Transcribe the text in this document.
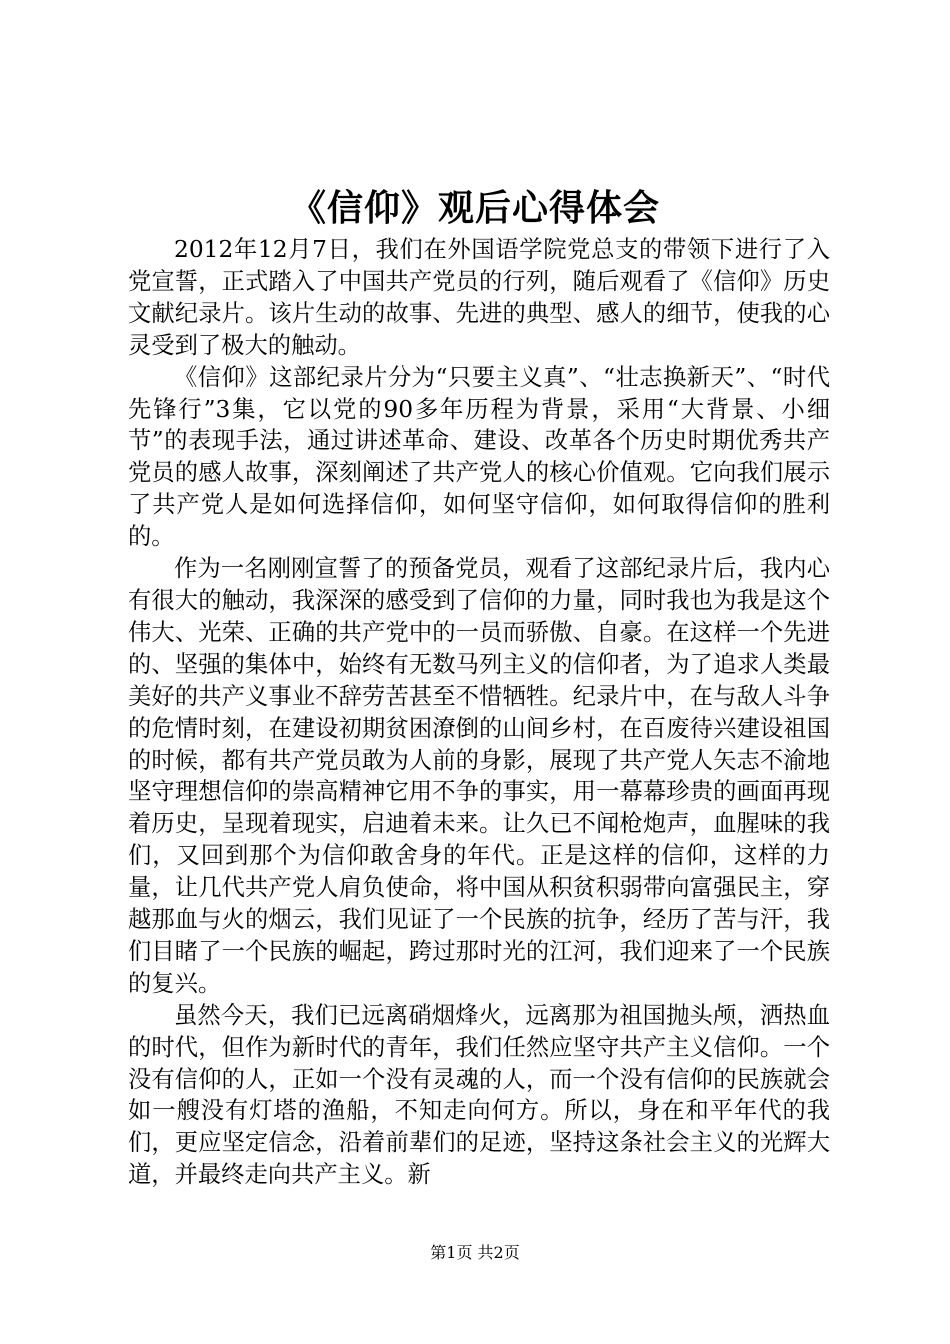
《信仰》观后心得体会

2012年12月7日，我们在外国语学院党总支的带领下进行了入党宣誓，正式踏入了中国共产党员的行列，随后观看了《信仰》历史文献纪录片。该片生动的故事、先进的典型、感人的细节，使我的心灵受到了极大的触动。

《信仰》这部纪录片分为“只要主义真”、“壮志换新天”、“时代先锋行”3集，它以党的90多年历程为背景，采用“大背景、小细节”的表现手法，通过讲述革命、建设、改革各个历史时期优秀共产党员的感人故事，深刻阐述了共产党人的核心价值观。它向我们展示了共产党人是如何选择信仰，如何坚守信仰，如何取得信仰的胜利的。

作为一名刚刚宣誓了的预备党员，观看了这部纪录片后，我内心有很大的触动，我深深的感受到了信仰的力量，同时我也为我是这个伟大、光荣、正确的共产党中的一员而骄傲、自豪。在这样一个先进的、坚强的集体中，始终有无数马列主义的信仰者，为了追求人类最美好的共产义事业不辞劳苦甚至不惜牺牲。纪录片中，在与敌人斗争的危情时刻，在建设初期贫困潦倒的山间乡村，在百废待兴建设祖国的时候，都有共产党员敢为人前的身影，展现了共产党人矢志不渝地坚守理想信仰的崇高精神它用不争的事实，用一幕幕珍贵的画面再现着历史，呈现着现实，启迪着未来。让久已不闻枪炮声，血腥味的我们，又回到那个为信仰敢舍身的年代。正是这样的信仰，这样的力量，让几代共产党人肩负使命，将中国从积贫积弱带向富强民主，穿越那血与火的烟云，我们见证了一个民族的抗争，经历了苦与汗，我们目睹了一个民族的崛起，跨过那时光的江河，我们迎来了一个民族的复兴。

虽然今天，我们已远离硝烟烽火，远离那为祖国抛头颅，洒热血的时代，但作为新时代的青年，我们任然应坚守共产主义信仰。一个没有信仰的人，正如一个没有灵魂的人，而一个没有信仰的民族就会如一艘没有灯塔的渔船，不知走向何方。所以，身在和平年代的我们，更应坚定信念，沿着前辈们的足迹，坚持这条社会主义的光辉大道，并最终走向共产主义。新

第1页 共2页
